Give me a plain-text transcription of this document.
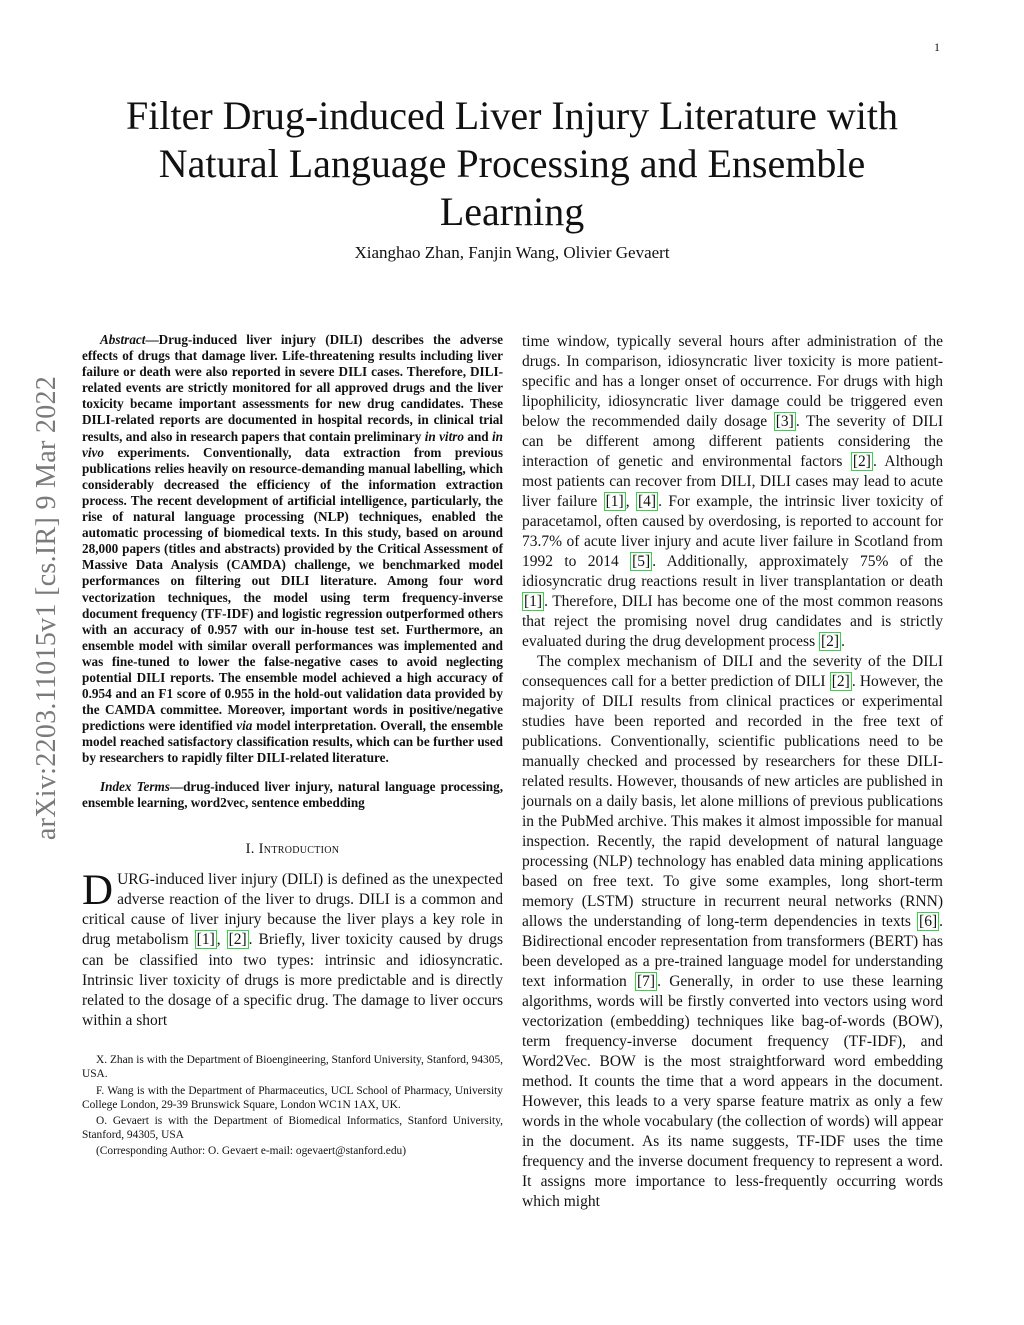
1
arXiv:2203.11015v1 [cs.IR] 9 Mar 2022
Filter Drug-induced Liver Injury Literature with Natural Language Processing and Ensemble Learning
Xianghao Zhan, Fanjin Wang, Olivier Gevaert

Abstract—Drug-induced liver injury (DILI) describes the adverse effects of drugs that damage liver. Life-threatening results including liver failure or death were also reported in severe DILI cases. Therefore, DILI-related events are strictly monitored for all approved drugs and the liver toxicity became important assessments for new drug candidates. These DILI-related reports are documented in hospital records, in clinical trial results, and also in research papers that contain preliminary in vitro and in vivo experiments. Conventionally, data extraction from previous publications relies heavily on resource-demanding manual labelling, which considerably decreased the efficiency of the information extraction process. The recent development of artificial intelligence, particularly, the rise of natural language processing (NLP) techniques, enabled the automatic processing of biomedical texts. In this study, based on around 28,000 papers (titles and abstracts) provided by the Critical Assessment of Massive Data Analysis (CAMDA) challenge, we benchmarked model performances on filtering out DILI literature. Among four word vectorization techniques, the model using term frequency-inverse document frequency (TF-IDF) and logistic regression outperformed others with an accuracy of 0.957 with our in-house test set. Furthermore, an ensemble model with similar overall performances was implemented and was fine-tuned to lower the false-negative cases to avoid neglecting potential DILI reports. The ensemble model achieved a high accuracy of 0.954 and an F1 score of 0.955 in the hold-out validation data provided by the CAMDA committee. Moreover, important words in positive/negative predictions were identified via model interpretation. Overall, the ensemble model reached satisfactory classification results, which can be further used by researchers to rapidly filter DILI-related literature.

Index Terms—drug-induced liver injury, natural language processing, ensemble learning, word2vec, sentence embedding

I. Introduction

DURG-induced liver injury (DILI) is defined as the unexpected adverse reaction of the liver to drugs. DILI is a common and critical cause of liver injury because the liver plays a key role in drug metabolism [1] , [2] . Briefly, liver toxicity caused by drugs can be classified into two types: intrinsic and idiosyncratic. Intrinsic liver toxicity of drugs is more predictable and is directly related to the dosage of a specific drug. The damage to liver occurs within a short

X. Zhan is with the Department of Bioengineering, Stanford University, Stanford, 94305, USA.

F. Wang is with the Department of Pharmaceutics, UCL School of Pharmacy, University College London, 29-39 Brunswick Square, London WC1N 1AX, UK.

O. Gevaert is with the Department of Biomedical Informatics, Stanford University, Stanford, 94305, USA

(Corresponding Author: O. Gevaert e-mail: ogevaert@stanford.edu)

time window, typically several hours after administration of the drugs. In comparison, idiosyncratic liver toxicity is more patient-specific and has a longer onset of occurrence. For drugs with high lipophilicity, idiosyncratic liver damage could be triggered even below the recommended daily dosage [3] . The severity of DILI can be different among different patients considering the interaction of genetic and environmental factors [2] . Although most patients can recover from DILI, DILI cases may lead to acute liver failure [1] , [4] . For example, the intrinsic liver toxicity of paracetamol, often caused by overdosing, is reported to account for 73.7% of acute liver injury and acute liver failure in Scotland from 1992 to 2014 [5] . Additionally, approximately 75% of the idiosyncratic drug reactions result in liver transplantation or death [1] . Therefore, DILI has become one of the most common reasons that reject the promising novel drug candidates and is strictly evaluated during the drug development process [2] .

The complex mechanism of DILI and the severity of the DILI consequences call for a better prediction of DILI [2] . However, the majority of DILI results from clinical practices or experimental studies have been reported and recorded in the free text of publications. Conventionally, scientific publications need to be manually checked and processed by researchers for these DILI-related results. However, thousands of new articles are published in journals on a daily basis, let alone millions of previous publications in the PubMed archive. This makes it almost impossible for manual inspection. Recently, the rapid development of natural language processing (NLP) technology has enabled data mining applications based on free text. To give some examples, long short-term memory (LSTM) structure in recurrent neural networks (RNN) allows the understanding of long-term dependencies in texts [6] . Bidirectional encoder representation from transformers (BERT) has been developed as a pre-trained language model for understanding text information [7] . Generally, in order to use these learning algorithms, words will be firstly converted into vectors using word vectorization (embedding) techniques like bag-of-words (BOW), term frequency-inverse document frequency (TF-IDF), and Word2Vec. BOW is the most straightforward word embedding method. It counts the time that a word appears in the document. However, this leads to a very sparse feature matrix as only a few words in the whole vocabulary (the collection of words) will appear in the document. As its name suggests, TF-IDF uses the time frequency and the inverse document frequency to represent a word. It assigns more importance to less-frequently occurring words which might
